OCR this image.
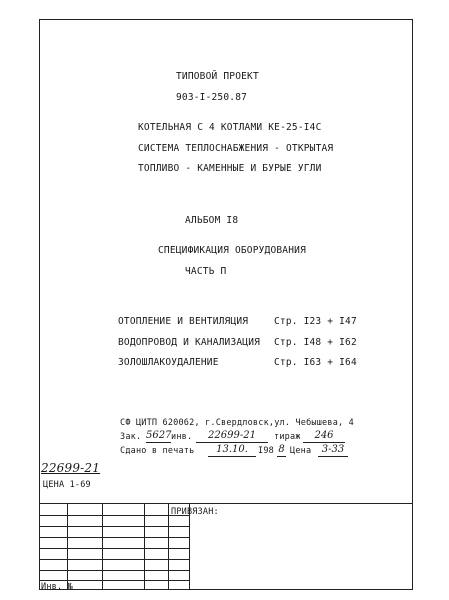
ТИПОВОЙ ПРОЕКТ
903-I-250.87
КОТЕЛЬНАЯ С 4 КОТЛАМИ КЕ-25-I4С
СИСТЕМА ТЕПЛОСНАБЖЕНИЯ - ОТКРЫТАЯ
ТОПЛИВО - КАМЕННЫЕ И БУРЫЕ УГЛИ
АЛЬБОМ I8
СПЕЦИФИКАЦИЯ ОБОРУДОВАНИЯ
ЧАСТЬ П
ОТОПЛЕНИЕ И ВЕНТИЛЯЦИЯ	Стр. I23 + I47
ВОДОПРОВОД И КАНАЛИЗАЦИЯ Стр. I48 + I62
ЗОЛОШЛАКОУДАЛЕНИЕ	Стр. I63 + I64
СФ ЦИТП 620062, г.Свердловск,ул. Чебышева, 4
Зак. 5627 инв.	22699-21	тираж	246
Сдано в печать	13.10.	I98 8 Цена	3-33
22699-21
ЦЕНА 1-69
ПРИВЯЗАН:
Инв. №
